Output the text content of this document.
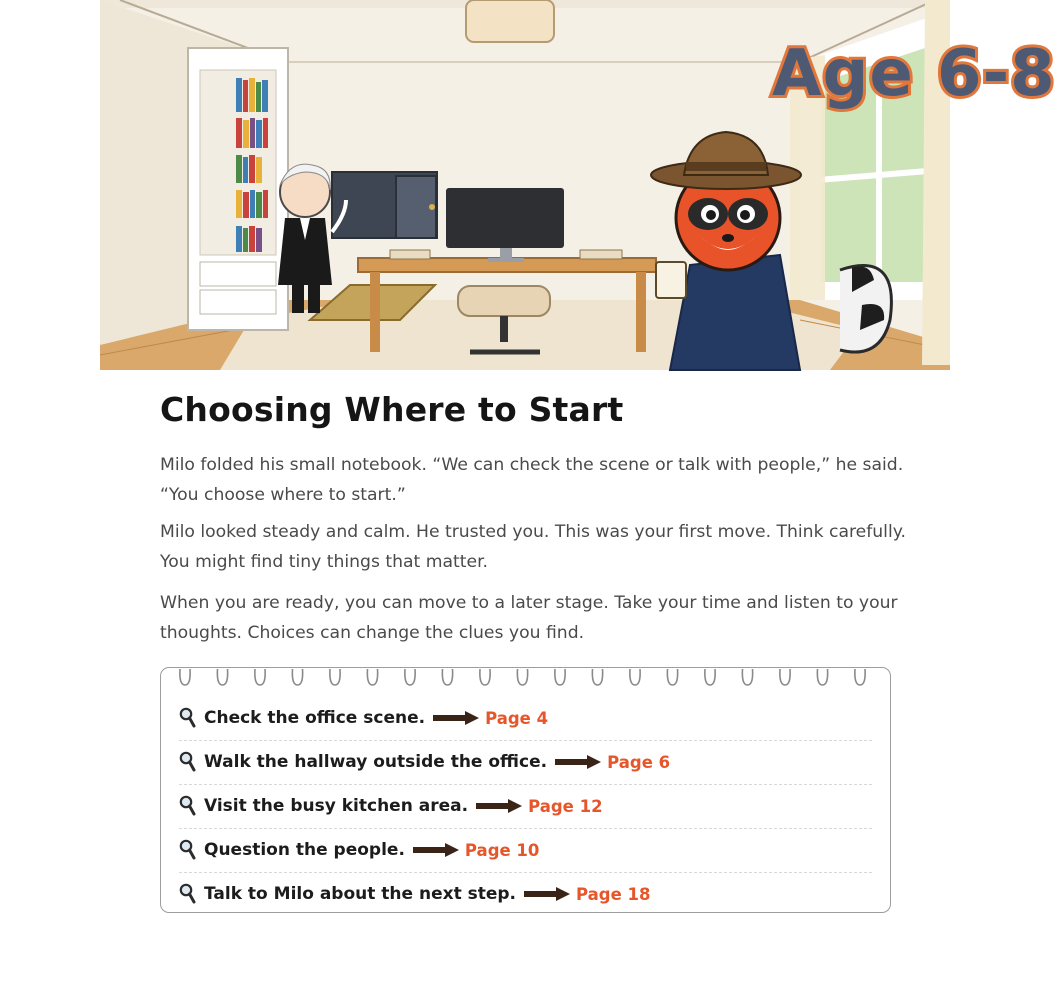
Age 6-8
Choosing Where to Start

Milo folded his small notebook. “We can check the scene or talk with people,” he said. “You choose where to start.”

Milo looked steady and calm. He trusted you. This was your first move. Think carefully. You might find tiny things that matter.

When you are ready, you can move to a later stage. Take your time and listen to your thoughts. Choices can change the clues you find.

Check the office scene.	Page 4
Walk the hallway outside the office.	Page 6
Visit the busy kitchen area.	Page 12
Question the people.	Page 10
Talk to Milo about the next step.	Page 18
